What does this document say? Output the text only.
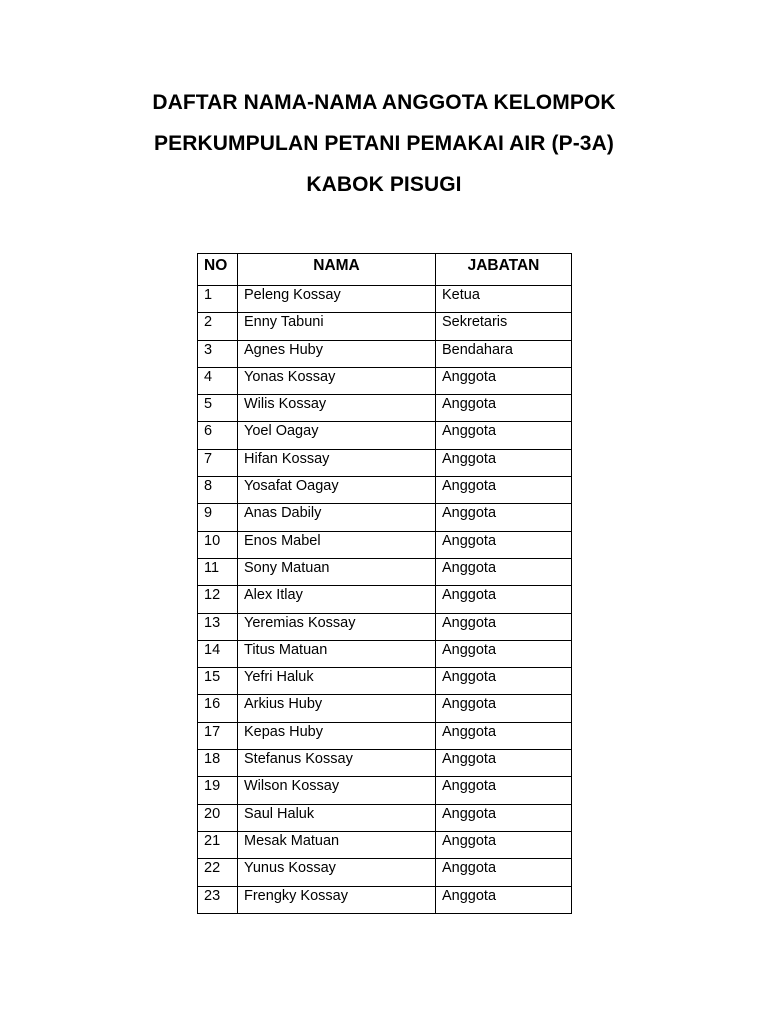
DAFTAR NAMA-NAMA ANGGOTA KELOMPOK
PERKUMPULAN PETANI PEMAKAI AIR (P-3A)
KABOK PISUGI
NO	NAMA	JABATAN
1	Peleng Kossay	Ketua
2	Enny Tabuni	Sekretaris
3	Agnes Huby	Bendahara
4	Yonas Kossay	Anggota
5	Wilis Kossay	Anggota
6	Yoel Oagay	Anggota
7	Hifan Kossay	Anggota
8	Yosafat Oagay	Anggota
9	Anas Dabily	Anggota
10	Enos Mabel	Anggota
11	Sony Matuan	Anggota
12	Alex Itlay	Anggota
13	Yeremias Kossay	Anggota
14	Titus Matuan	Anggota
15	Yefri Haluk	Anggota
16	Arkius Huby	Anggota
17	Kepas Huby	Anggota
18	Stefanus Kossay	Anggota
19	Wilson Kossay	Anggota
20	Saul Haluk	Anggota
21	Mesak Matuan	Anggota
22	Yunus Kossay	Anggota
23	Frengky Kossay	Anggota
